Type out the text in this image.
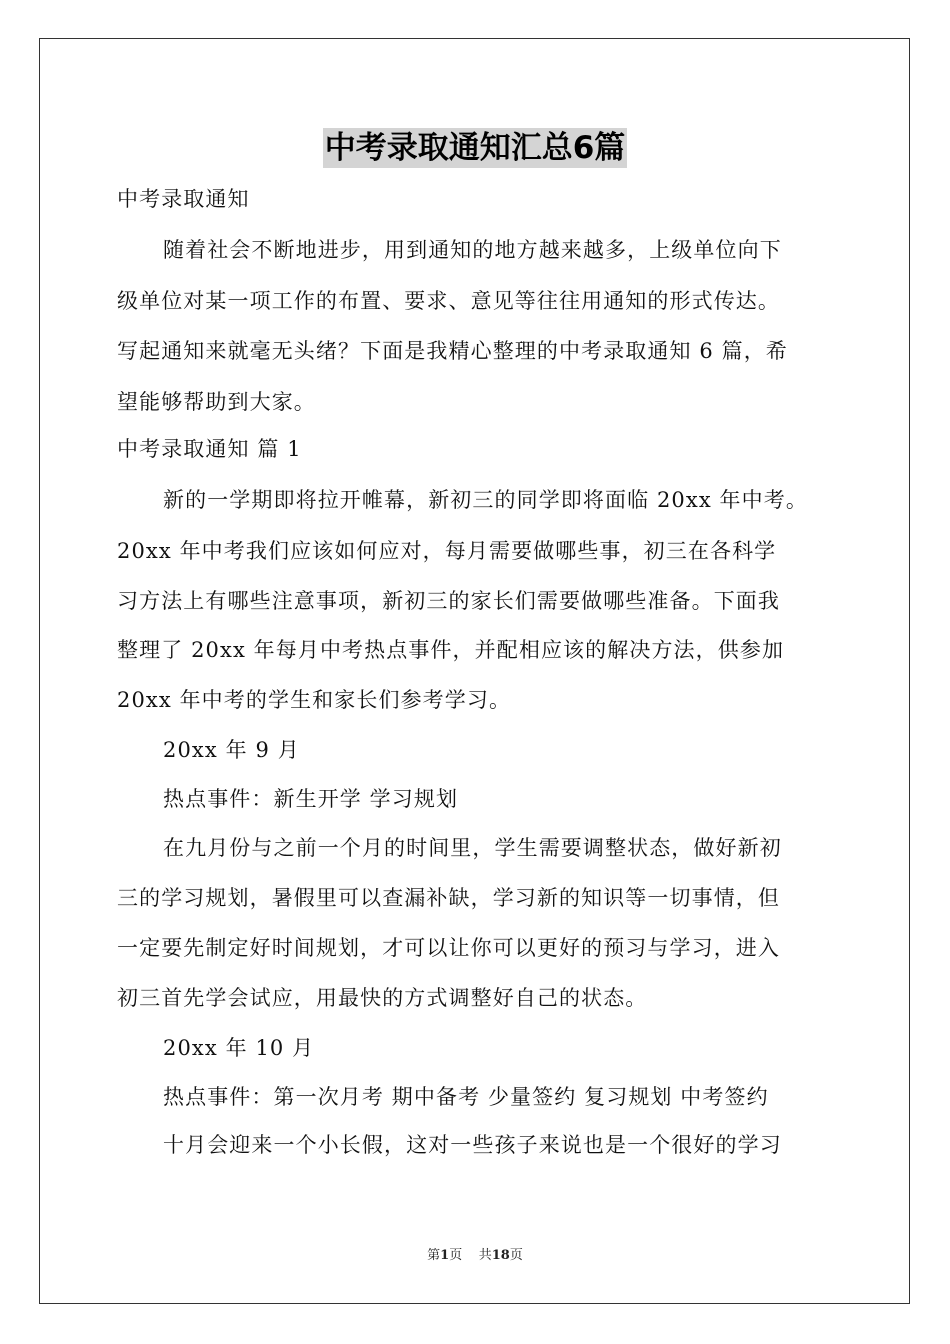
中考录取通知汇总6篇
中考录取通知
随着社会不断地进步，用到通知的地方越来越多，上级单位向下
级单位对某一项工作的布置、要求、意见等往往用通知的形式传达。
写起通知来就毫无头绪？下面是我精心整理的中考录取通知 6 篇，希
望能够帮助到大家。
中考录取通知 篇 1
新的一学期即将拉开帷幕，新初三的同学即将面临 20xx 年中考。
20xx 年中考我们应该如何应对，每月需要做哪些事，初三在各科学
习方法上有哪些注意事项，新初三的家长们需要做哪些准备。下面我
整理了 20xx 年每月中考热点事件，并配相应该的解决方法，供参加
20xx 年中考的学生和家长们参考学习。
20xx 年 9 月
热点事件：新生开学 学习规划
在九月份与之前一个月的时间里，学生需要调整状态，做好新初
三的学习规划，暑假里可以查漏补缺，学习新的知识等一切事情，但
一定要先制定好时间规划，才可以让你可以更好的预习与学习，进入
初三首先学会试应，用最快的方式调整好自己的状态。
20xx 年 10 月
热点事件：第一次月考 期中备考 少量签约 复习规划 中考签约
十月会迎来一个小长假，这对一些孩子来说也是一个很好的学习
第1页    共18页
